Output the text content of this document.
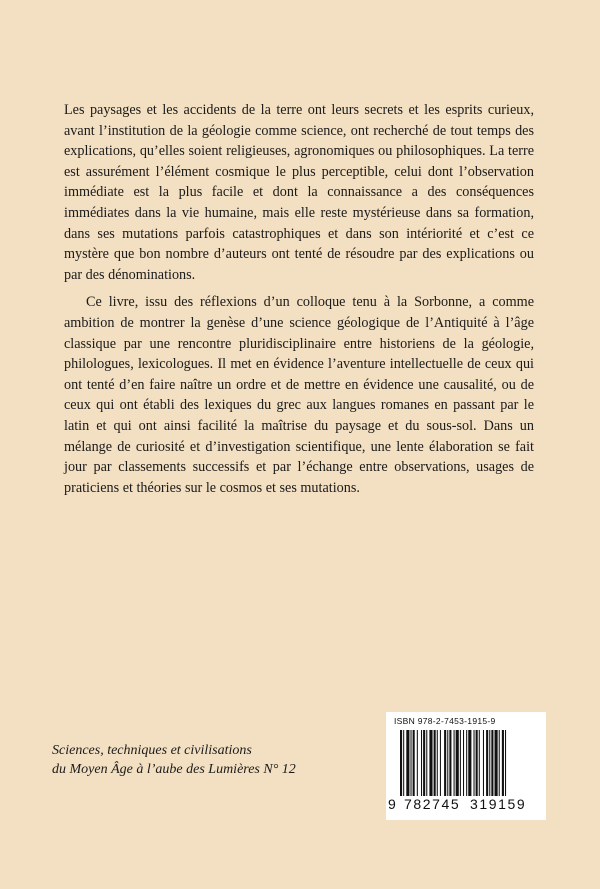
Les paysages et les accidents de la terre ont leurs secrets et les esprits curieux, avant l’institution de la géologie comme science, ont recherché de tout temps des explications, qu’elles soient religieuses, agronomiques ou philosophiques. La terre est assurément l’élément cosmique le plus perceptible, celui dont l’observation immédiate est la plus facile et dont la connaissance a des conséquences immédiates dans la vie humaine, mais elle reste mystérieuse dans sa formation, dans ses mutations parfois catastrophiques et dans son intériorité et c’est ce mystère que bon nombre d’auteurs ont tenté de résoudre par des explications ou par des dénominations.

Ce livre, issu des réflexions d’un colloque tenu à la Sorbonne, a comme ambition de montrer la genèse d’une science géologique de l’Antiquité à l’âge classique par une rencontre pluridisciplinaire entre historiens de la géologie, philologues, lexicologues. Il met en évidence l’aventure intellectuelle de ceux qui ont tenté d’en faire naître un ordre et de mettre en évidence une causalité, ou de ceux qui ont établi des lexiques du grec aux langues romanes en passant par le latin et qui ont ainsi facilité la maîtrise du paysage et du sous-sol. Dans un mélange de curiosité et d’investigation scientifique, une lente élaboration se fait jour par classements successifs et par l’échange entre observations, usages de praticiens et théories sur le cosmos et ses mutations.

Sciences, techniques et civilisations
du Moyen Âge à l’aube des Lumières N° 12
ISBN 978-2-7453-1915-9
9 782745 319159
